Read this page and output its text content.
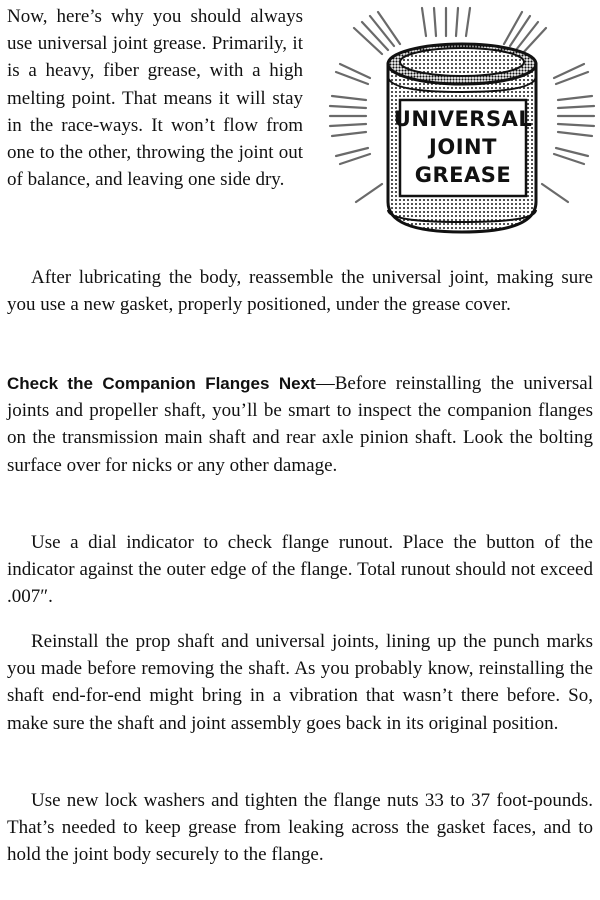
Now, here’s why you should always use universal joint grease. Primarily, it is a heavy, fiber grease, with a high melting point. That means it will stay in the race-ways. It won’t flow from one to the other, throwing the joint out of balance, and leaving one side dry.
UNIVERSAL
JOINT
GREASE

After lubricating the body, reassemble the universal joint, making sure you use a new gasket, properly positioned, under the grease cover.

Check the Companion Flanges Next—Before reinstalling the universal joints and propeller shaft, you’ll be smart to inspect the companion flanges on the transmission main shaft and rear axle pinion shaft. Look the bolting surface over for nicks or any other damage.

Use a dial indicator to check flange runout. Place the button of the indicator against the outer edge of the flange. Total runout should not exceed .007″.

Reinstall the prop shaft and universal joints, lining up the punch marks you made before removing the shaft. As you probably know, reinstalling the shaft end-for-end might bring in a vibration that wasn’t there before. So, make sure the shaft and joint assembly goes back in its original position.

Use new lock washers and tighten the flange nuts 33 to 37 foot-pounds. That’s needed to keep grease from leaking across the gasket faces, and to hold the joint body securely to the flange.
